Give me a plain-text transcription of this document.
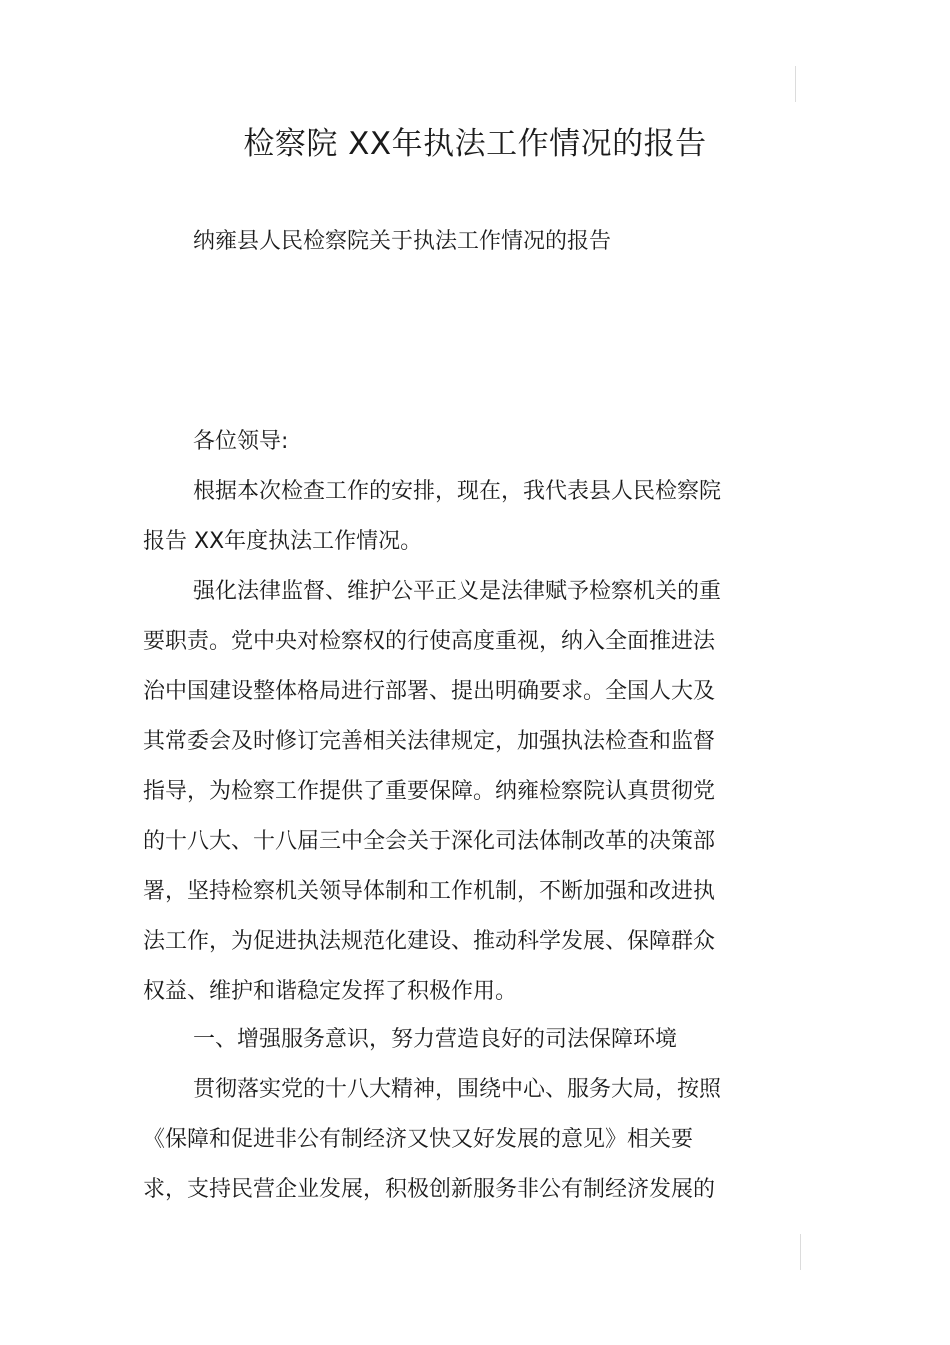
检察院 XX年执法工作情况的报告
纳雍县人民检察院关于执法工作情况的报告
各位领导:
根据本次检查工作的安排，现在，我代表县人民检察院
报告 XX年度执法工作情况。
强化法律监督、维护公平正义是法律赋予检察机关的重
要职责。党中央对检察权的行使高度重视，纳入全面推进法
治中国建设整体格局进行部署、提出明确要求。全国人大及
其常委会及时修订完善相关法律规定，加强执法检查和监督
指导，为检察工作提供了重要保障。纳雍检察院认真贯彻党
的十八大、十八届三中全会关于深化司法体制改革的决策部
署，坚持检察机关领导体制和工作机制，不断加强和改进执
法工作，为促进执法规范化建设、推动科学发展、保障群众
权益、维护和谐稳定发挥了积极作用。
一、增强服务意识，努力营造良好的司法保障环境
贯彻落实党的十八大精神，围绕中心、服务大局，按照
《保障和促进非公有制经济又快又好发展的意见》相关要
求，支持民营企业发展，积极创新服务非公有制经济发展的
